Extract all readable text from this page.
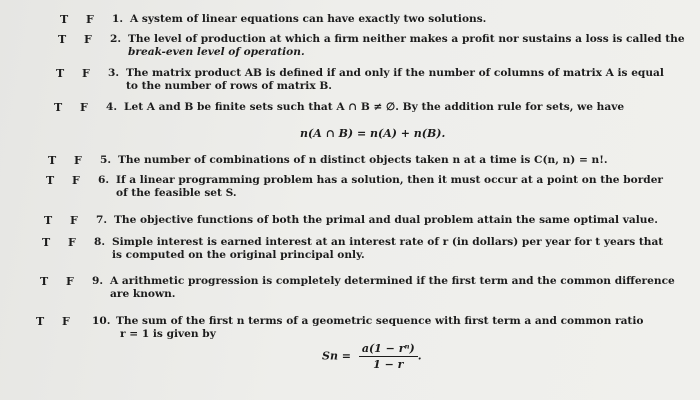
T F 1. A system of linear equations can have exactly two solutions.
T F 2. The level of production at which a firm neither makes a profit nor sustains a loss is called the
break-even level of operation.
T F 3. The matrix product AB is defined if and only if the number of columns of matrix A is equal
to the number of rows of matrix B.
T F 4. Let A and B be finite sets such that A ∩ B ≠ ∅. By the addition rule for sets, we have
n(A ∩ B) = n(A) + n(B).
T F 5. The number of combinations of n distinct objects taken n at a time is C(n, n) = n!.
T F 6. If a linear programming problem has a solution, then it must occur at a point on the border
of the feasible set S.
T F 7. The objective functions of both the primal and dual problem attain the same optimal value.
T F 8. Simple interest is earned interest at an interest rate of r (in dollars) per year for t years that
is computed on the original principal only.
T F 9. A arithmetic progression is completely determined if the first term and the common difference
are known.
T F 10. The sum of the first n terms of a geometric sequence with first term a and common ratio
r = 1 is given by
$Sn = \frac{\text{a(1 − rⁿ)}}{1 - r}$ .
